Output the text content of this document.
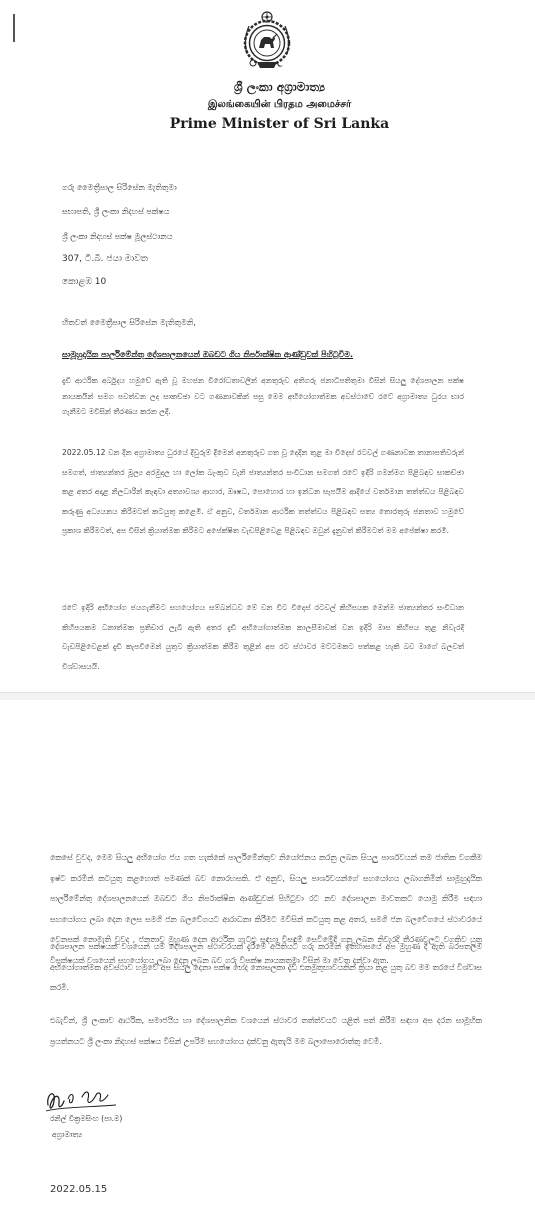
ශ්‍රී ලංකා අග්‍රාමාත්‍ය
இலங்கையின் பிரதம அமைச்சர்
Prime Minister of Sri Lanka
ගරු මෛත්‍රීපාල සිරිසේන මැතිතුමා
සභාපති, ශ්‍රී ලංකා නිදහස් පක්ෂය
ශ්‍රී ලංකා නිදහස් පක්ෂ මූලස්ථානය
307, ටී.බී. ජයා මාවත
කොළඹ 10
හිතවත් මෛත්‍රීපාල සිරිසේන මැතිතුමනි,
සාමූහුදායික පාර්ලිමේන්තු දේශපාලනයෙන් ඔබ​ඩට ගිය නිර්පාක්ෂික ආණ්ඩුවක් පිහිටුවීම.
දැඩි ආර්ථික අර්බුදය හමුවේ ඇති වූ මහජන විරෝධතාවලින් අනතුරුව අතිගරු ජනාධිපතිතුමා විසින් සියලු දේශපාලන පක්ෂ නායකයින් සමග පවත්වන ලද සාකච්ඡා වට ගණනාවකින් පසු මෙම අභියෝගාත්මක අවස්ථාවේ රටේ අග්‍රාමාත්‍ය ධුරය භාර ගැනීමට මවිසින් තීරණය කරන ලදී.
2022.05.12 වන දින අග්‍රාමාත්‍ය ධුරයේ දිවුරුම් දීමෙන් අනතුරුව ගත වූ දෙදින තුළ මා විදෙස් රටවල් ගණනාවක තානාපතිවරුන් සමගත්, ජාත්‍යන්තර මූල්‍ය අරමුදල හා ලෝක බැංකුව වැනි ජාත්‍යන්තර සංවිධාන සමගත් රටේ ඉදිරි ගමන්මග පිළිබඳව සාකච්ඡා කළ අතර අදාළ නිලධාරීන් කැඳවා අත්‍යාවශ්‍ය ආහාර, ඖෂධ, පොහොර හා ඉන්ධන සැපයීම ආදියේ වර්තමාන තත්ත්වය පිළිබඳව කරුණු අධ්‍යයනය කිරීමටත් කටයුතු කළෙමි. ඒ අනුව, වර්තමාන ආර්ථික තත්ත්වය පිළිබඳව සත්‍ය තොරතුරු ජනතාව හමුවේ ප්‍රකාශ කිරීමටත්, අප විසින් ක්‍රියාත්මක කිරීමට අපේක්ෂිත වැඩපිළිවෙළ පිළිබඳව ඔවුන් දැනුවත් කිරීමටත් මම අපේක්ෂා කරමි.
රටේ ඉදිරි අභියෝග ජයගැනීමට සහයෝගය සම්බන්ධව මේ වන විට විදෙස් රටවල් කිහිපයක මෙන්ම ජාත්‍යන්තර සංවිධාන කිහිපයකම ධනාත්මක ප්‍රතිචාර ලැබී ඇති අතර දැඩි අභියෝගාත්මක කාලසීමාවක් වන ඉදිරි මාස කිහිපය තුළ නිවැරදි වැඩපිළිවෙළක් දැඩි කැපවීමෙන් යුතුව ක්‍රියාත්මක කිරීම තුළින් අප රට ස්ථාවර මට්ටමකට පත්කළ හැකි බව මාගේ බලවත් විශ්වාසයයි.
කෙසේ වුවද, මෙම සියලු අභියෝග ජය ගත හැක්කේ පාර්ලිමේන්තුව නියෝජනය කරනු ලබන සියලු පාර්ශවයන් තම ජාතික වගකීම ඉෂ්ට කරමින් කටයුතු කළහොත් පමණක් බව නොරහසකි. ඒ අනුව, සියලු පාර්ශවයන්ගේ සහයෝගය ලබාගනිමින් සාමූහුදායික පාර්ලිමේන්තු දේශපාලනයෙන් ඔබ​ඩට ගිය නිර්පාක්ෂික ආණ්ඩුවක් පිහිටුවා රට නව දේශපාලන මාවතකට යොමු කිරීම සඳහා සහයෝගය ලබා දෙන ලෙස සමගි ජන බලවේගයට ආරාධනා කිරීමට මවිසින් කටයුතු කළ අතර, සමගි ජන බලවේගයේ ස්ථාවරයේ වෙනසක් නොමැති වුවද , ජනතාව මුහුණ දෙන ආර්ථික ගැටළු සඳහා විසඳුම් සෙවීමේදී ගනු ලබන නිවැරදි තීරණවලට වගකිව යුතු විපක්ෂයක් වශයෙන් සහයෝගය ලබා දෙනු ලබන බව ගරු විපක්ෂ නායකතුමා විසින් මා වෙත දන්වා ඇත.
දේශපාලන පක්ෂයක් වශයෙන් යම් දේශපාලන ස්ථාවරයක් දැරීමේ අයිතියට ගරු කරමින් ඉතිහාසයේ අප මුහුණ දී ඇති බරපතලම අභියෝගාත්මක අවස්ථාව හමුවේ අප සියලු දෙනා පක්ෂ භේද නොසලකා දැඩි එකමුතුභාවයකින් ක්‍රියා කළ යුතු බව මම තරයේ විශ්වාස කරමි.
එබැවින්, ශ්‍රී ලංකාව ආර්ථික, සමාජයීය හා දේශපාලනික වශයෙන් ස්ථාවර තත්ත්වයට යළිත් පත් කිරීම සඳහා අප දරන සාමූහික ප්‍රයත්නයට ශ්‍රී ලංකා නිදහස් පක්ෂය විසින් උපරිම සහයෝගය දක්වනු ඇතැයි මම බලාපොරොත්තු වෙමි.
රනිල් වික්‍රමසිංහ (පා.ම)
අග්‍රාමාත්‍ය
2022.05.15
